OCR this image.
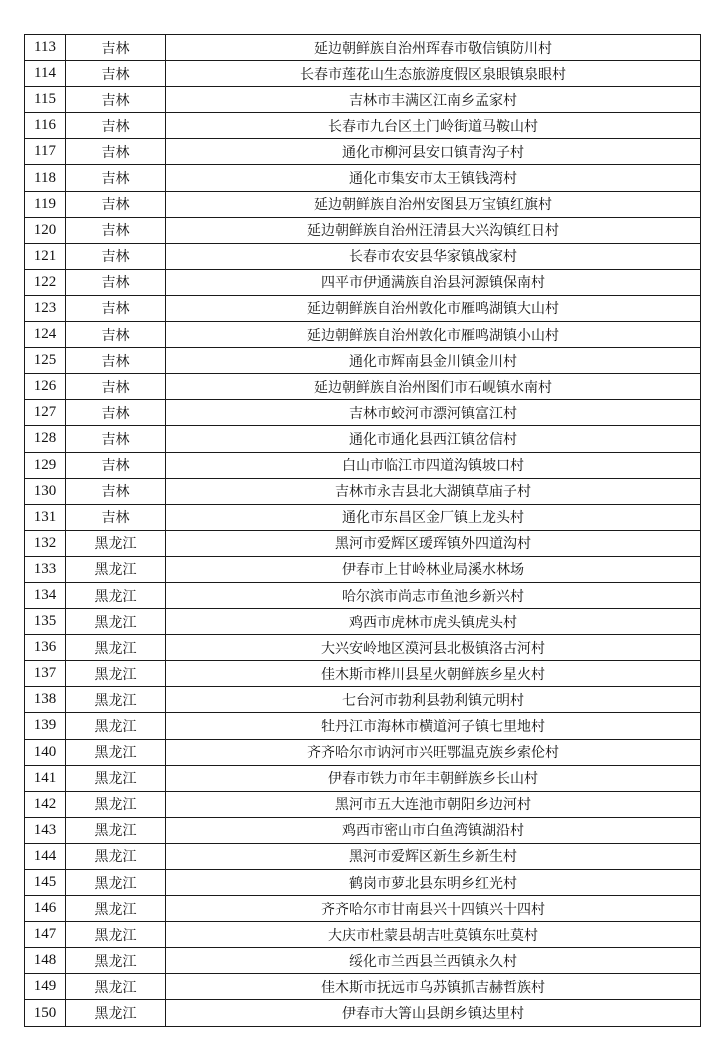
113	吉林	延边朝鲜族自治州珲春市敬信镇防川村
114	吉林	长春市莲花山生态旅游度假区泉眼镇泉眼村
115	吉林	吉林市丰满区江南乡孟家村
116	吉林	长春市九台区土门岭街道马鞍山村
117	吉林	通化市柳河县安口镇青沟子村
118	吉林	通化市集安市太王镇钱湾村
119	吉林	延边朝鲜族自治州安图县万宝镇红旗村
120	吉林	延边朝鲜族自治州汪清县大兴沟镇红日村
121	吉林	长春市农安县华家镇战家村
122	吉林	四平市伊通满族自治县河源镇保南村
123	吉林	延边朝鲜族自治州敦化市雁鸣湖镇大山村
124	吉林	延边朝鲜族自治州敦化市雁鸣湖镇小山村
125	吉林	通化市辉南县金川镇金川村
126	吉林	延边朝鲜族自治州图们市石岘镇水南村
127	吉林	吉林市蛟河市漂河镇富江村
128	吉林	通化市通化县西江镇岔信村
129	吉林	白山市临江市四道沟镇坡口村
130	吉林	吉林市永吉县北大湖镇草庙子村
131	吉林	通化市东昌区金厂镇上龙头村
132	黑龙江	黑河市爱辉区瑷珲镇外四道沟村
133	黑龙江	伊春市上甘岭林业局溪水林场
134	黑龙江	哈尔滨市尚志市鱼池乡新兴村
135	黑龙江	鸡西市虎林市虎头镇虎头村
136	黑龙江	大兴安岭地区漠河县北极镇洛古河村
137	黑龙江	佳木斯市桦川县星火朝鲜族乡星火村
138	黑龙江	七台河市勃利县勃利镇元明村
139	黑龙江	牡丹江市海林市横道河子镇七里地村
140	黑龙江	齐齐哈尔市讷河市兴旺鄂温克族乡索伦村
141	黑龙江	伊春市铁力市年丰朝鲜族乡长山村
142	黑龙江	黑河市五大连池市朝阳乡边河村
143	黑龙江	鸡西市密山市白鱼湾镇湖沿村
144	黑龙江	黑河市爱辉区新生乡新生村
145	黑龙江	鹤岗市萝北县东明乡红光村
146	黑龙江	齐齐哈尔市甘南县兴十四镇兴十四村
147	黑龙江	大庆市杜蒙县胡吉吐莫镇东吐莫村
148	黑龙江	绥化市兰西县兰西镇永久村
149	黑龙江	佳木斯市抚远市乌苏镇抓吉赫哲族村
150	黑龙江	伊春市大箐山县朗乡镇达里村
